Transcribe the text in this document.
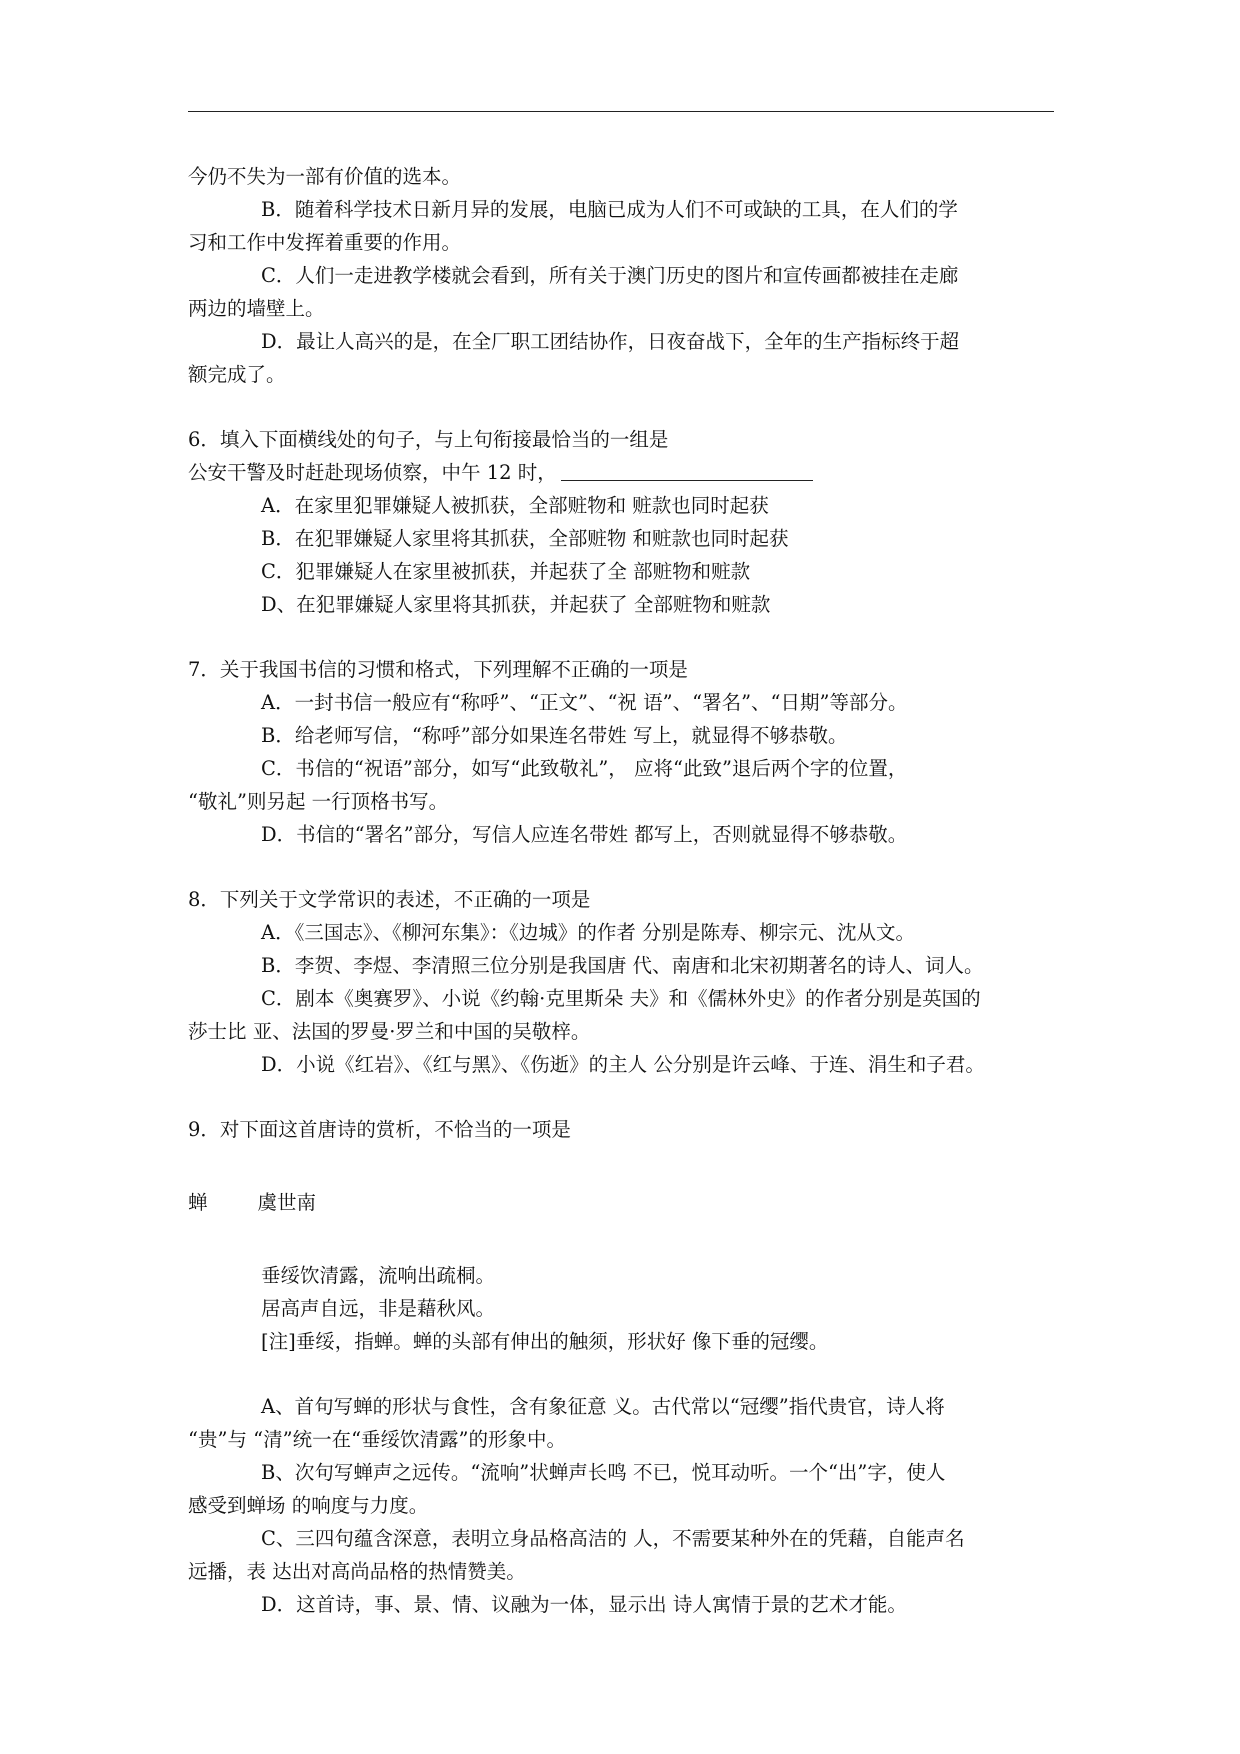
今仍不失为一部有价值的选本。
B．随着科学技术日新月异的发展，电脑已成为人们不可或缺的工具，在人们的学
习和工作中发挥着重要的作用。
C．人们一走进教学楼就会看到，所有关于澳门历史的图片和宣传画都被挂在走廊
两边的墙壁上。
D．最让人高兴的是，在全厂职工团结协作，日夜奋战下，全年的生产指标终于超
额完成了。
6．填入下面横线处的句子，与上句衔接最恰当的一组是
公安干警及时赶赴现场侦察，中午 12 时，
A．在家里犯罪嫌疑人被抓获，全部赃物和 赃款也同时起获
B．在犯罪嫌疑人家里将其抓获，全部赃物 和赃款也同时起获
C．犯罪嫌疑人在家里被抓获，并起获了全 部赃物和赃款
D、在犯罪嫌疑人家里将其抓获，并起获了 全部赃物和赃款
7．关于我国书信的习惯和格式，下列理解不正确的一项是
A．一封书信一般应有“称呼”、“正文”、“祝 语”、“署名”、“日期”等部分。
B．给老师写信，“称呼”部分如果连名带姓 写上，就显得不够恭敬。
C．书信的“祝语”部分，如写“此致敬礼”， 应将“此致”退后两个字的位置，
“敬礼”则另起 一行顶格书写。
D．书信的“署名”部分，写信人应连名带姓 都写上，否则就显得不够恭敬。
8．下列关于文学常识的表述，不正确的一项是
A．《三国志》、《柳河东集》：《边城》的作者 分别是陈寿、柳宗元、沈从文。
B．李贺、李煜、李清照三位分别是我国唐 代、南唐和北宋初期著名的诗人、词人。
C．剧本《奥赛罗》、小说《约翰·克里斯朵 夫》和《儒林外史》的作者分别是英国的
莎士比 亚、法国的罗曼·罗兰和中国的吴敬梓。
D．小说《红岩》、《红与黑》、《伤逝》的主人 公分别是许云峰、于连、涓生和子君。
9．对下面这首唐诗的赏析，不恰当的一项是
蝉	虞世南
垂绥饮清露，流响出疏桐。
居高声自远，非是藉秋风。
[注]垂绥，指蝉。蝉的头部有伸出的触须，形状好 像下垂的冠缨。
A、首句写蝉的形状与食性，含有象征意 义。古代常以“冠缨”指代贵官，诗人将
“贵”与 “清”统一在“垂绥饮清露”的形象中。
B、次句写蝉声之远传。“流响”状蝉声长鸣 不已，悦耳动听。一个“出”字，使人
感受到蝉场 的响度与力度。
C、三四句蕴含深意，表明立身品格高洁的 人，不需要某种外在的凭藉，自能声名
远播，表 达出对高尚品格的热情赞美。
D．这首诗，事、景、情、议融为一体，显示出 诗人寓情于景的艺术才能。
